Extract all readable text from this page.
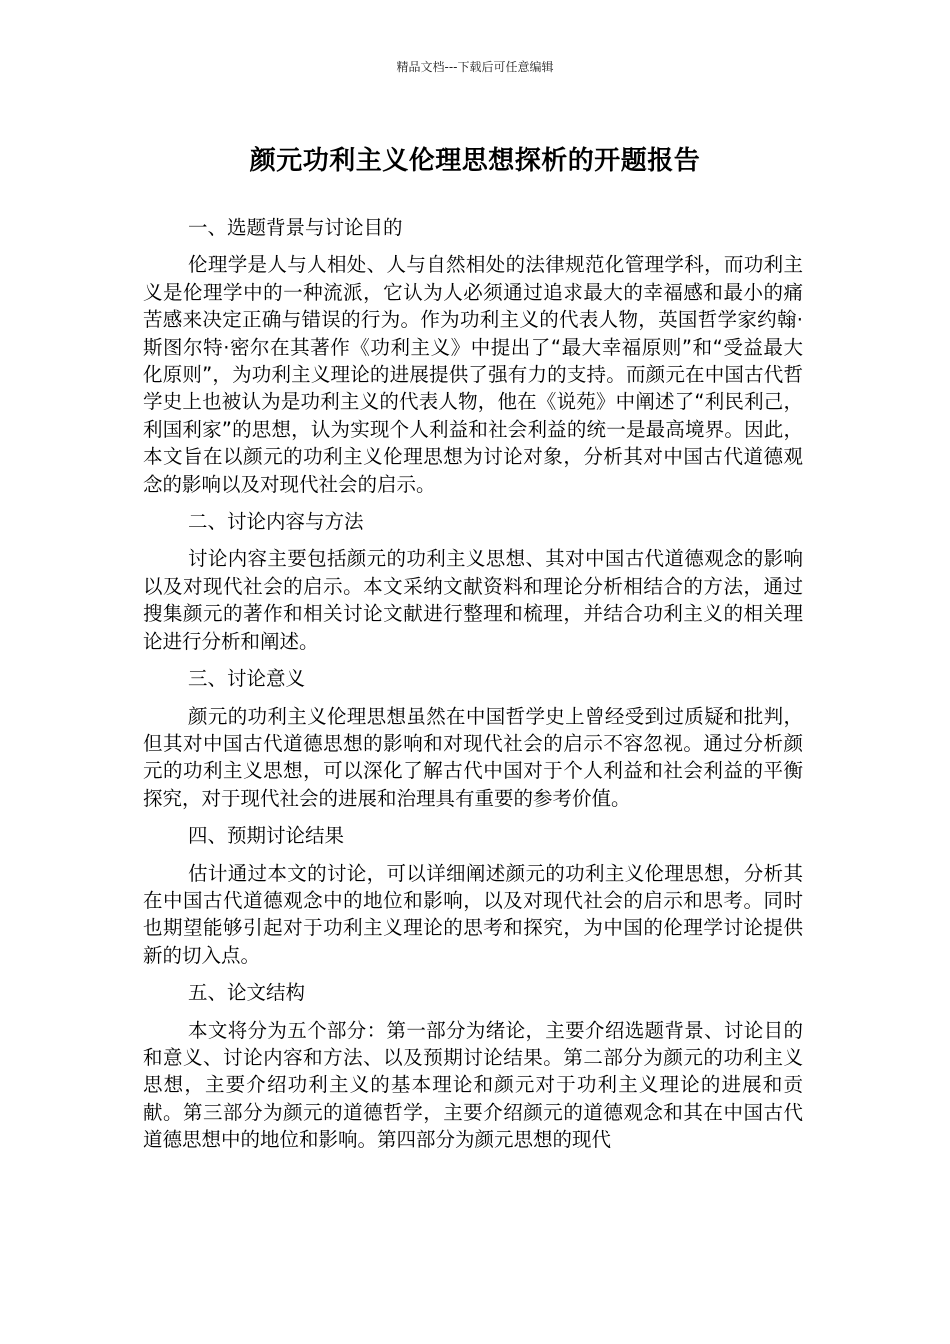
精品文档---下载后可任意编辑
颜元功利主义伦理思想探析的开题报告

一、选题背景与讨论目的

伦理学是人与人相处、人与自然相处的法律规范化管理学科，而功利主义是伦理学中的一种流派，它认为人必须通过追求最大的幸福感和最小的痛苦感来决定正确与错误的行为。作为功利主义的代表人物，英国哲学家约翰·斯图尔特·密尔在其著作《功利主义》中提出了“最大幸福原则”和“受益最大化原则”，为功利主义理论的进展提供了强有力的支持。而颜元在中国古代哲学史上也被认为是功利主义的代表人物，他在《说苑》中阐述了“利民利己，利国利家”的思想，认为实现个人利益和社会利益的统一是最高境界。因此，本文旨在以颜元的功利主义伦理思想为讨论对象，分析其对中国古代道德观念的影响以及对现代社会的启示。

二、讨论内容与方法

讨论内容主要包括颜元的功利主义思想、其对中国古代道德观念的影响以及对现代社会的启示。本文采纳文献资料和理论分析相结合的方法，通过搜集颜元的著作和相关讨论文献进行整理和梳理，并结合功利主义的相关理论进行分析和阐述。

三、讨论意义

颜元的功利主义伦理思想虽然在中国哲学史上曾经受到过质疑和批判，但其对中国古代道德思想的影响和对现代社会的启示不容忽视。通过分析颜元的功利主义思想，可以深化了解古代中国对于个人利益和社会利益的平衡探究，对于现代社会的进展和治理具有重要的参考价值。

四、预期讨论结果

估计通过本文的讨论，可以详细阐述颜元的功利主义伦理思想，分析其在中国古代道德观念中的地位和影响，以及对现代社会的启示和思考。同时也期望能够引起对于功利主义理论的思考和探究，为中国的伦理学讨论提供新的切入点。

五、论文结构

本文将分为五个部分：第一部分为绪论，主要介绍选题背景、讨论目的和意义、讨论内容和方法、以及预期讨论结果。第二部分为颜元的功利主义思想，主要介绍功利主义的基本理论和颜元对于功利主义理论的进展和贡献。第三部分为颜元的道德哲学，主要介绍颜元的道德观念和其在中国古代道德思想中的地位和影响。第四部分为颜元思想的现代
